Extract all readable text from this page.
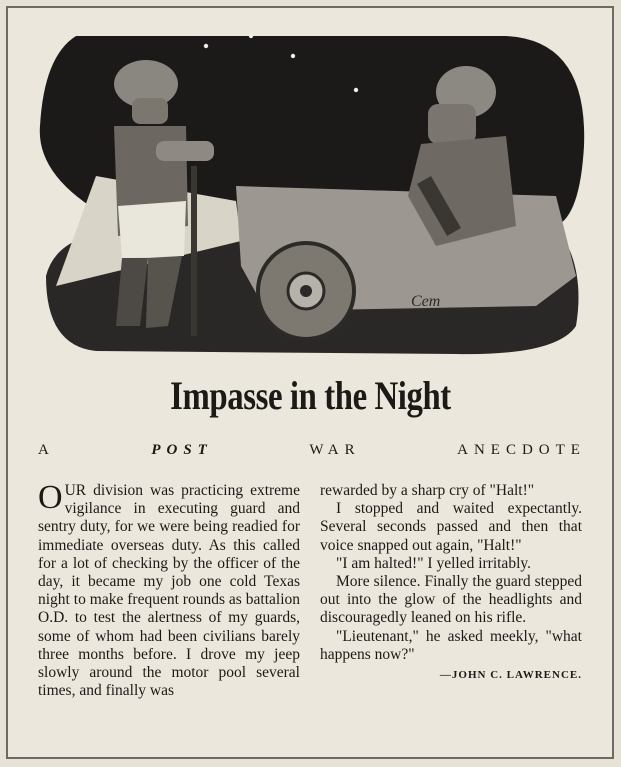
Cem
Impasse in the Night
A	POST	WAR	ANECDOTE

OUR division was practicing extreme vigilance in executing guard and sentry duty, for we were being readied for immediate overseas duty. As this called for a lot of checking by the officer of the day, it became my job one cold Texas night to make frequent rounds as battalion O.D. to test the alertness of my guards, some of whom had been civilians barely three months before. I drove my jeep slowly around the motor pool several times, and finally was

rewarded by a sharp cry of "Halt!"

I stopped and waited expectantly. Several seconds passed and then that voice snapped out again, "Halt!"

"I am halted!" I yelled irritably.

More silence. Finally the guard stepped out into the glow of the headlights and discouragedly leaned on his rifle.

"Lieutenant," he asked meekly, "what happens now?"

—JOHN C. LAWRENCE.
